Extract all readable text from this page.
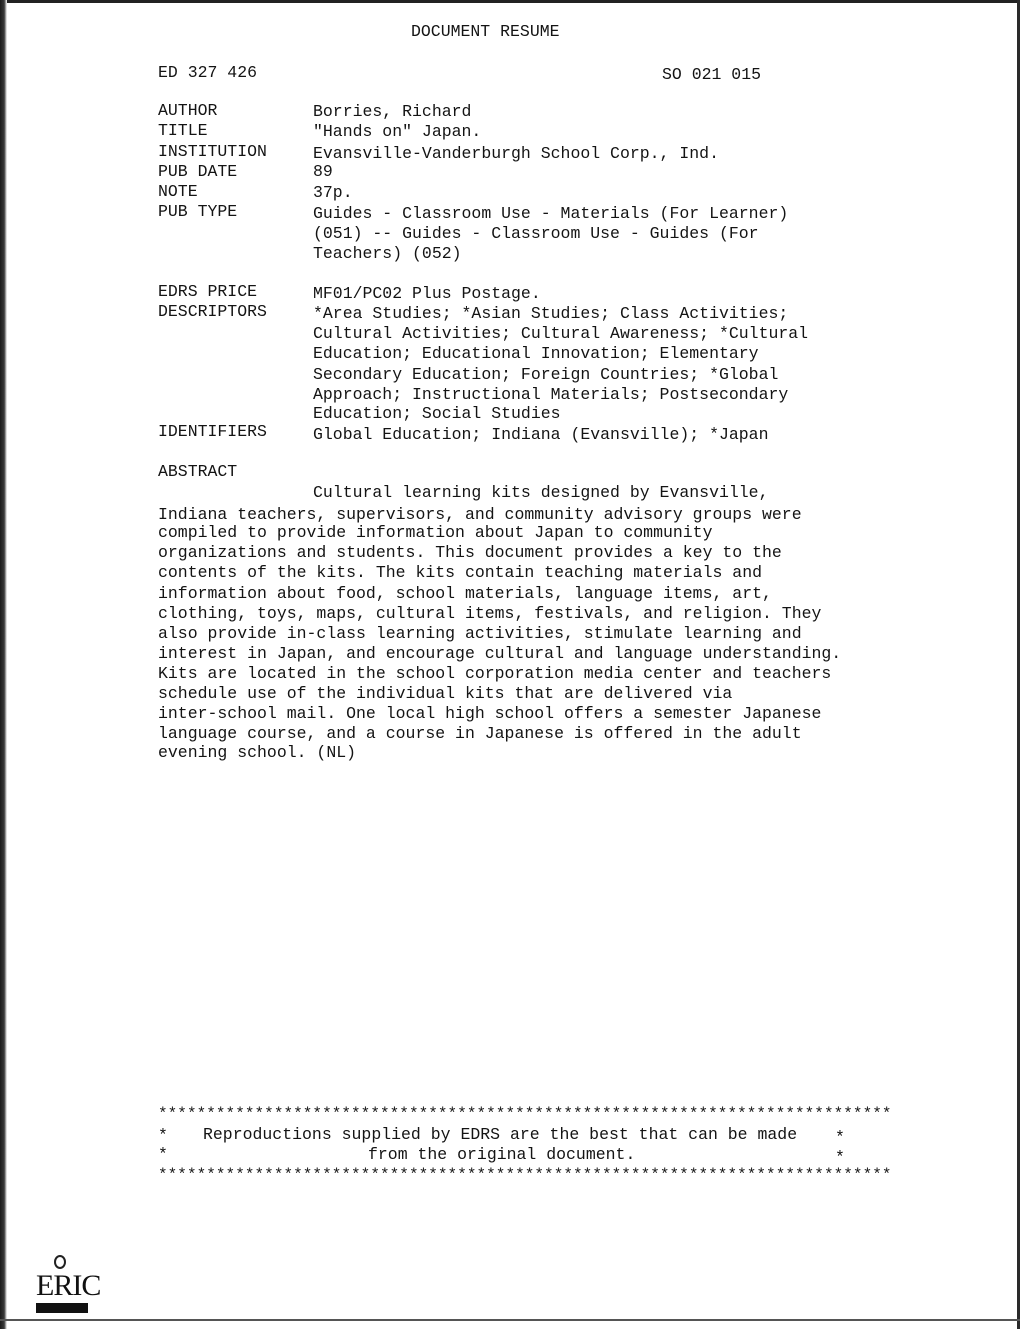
DOCUMENT RESUME
ED 327 426	SO 021 015
AUTHOR	Borries, Richard
TITLE	"Hands on" Japan.
INSTITUTION	Evansville-Vanderburgh School Corp., Ind.
PUB DATE	89
NOTE	37p.
PUB TYPE	Guides - Classroom Use - Materials (For Learner)
(051) -- Guides - Classroom Use - Guides (For
Teachers) (052)
EDRS PRICE	MF01/PC02 Plus Postage.
DESCRIPTORS	*Area Studies; *Asian Studies; Class Activities;
Cultural Activities; Cultural Awareness; *Cultural
Education; Educational Innovation; Elementary
Secondary Education; Foreign Countries; *Global
Approach; Instructional Materials; Postsecondary
Education; Social Studies
IDENTIFIERS	Global Education; Indiana (Evansville); *Japan
ABSTRACT
Cultural learning kits designed by Evansville,
Indiana teachers, supervisors, and community advisory groups were
compiled to provide information about Japan to community
organizations and students. This document provides a key to the
contents of the kits. The kits contain teaching materials and
information about food, school materials, language items, art,
clothing, toys, maps, cultural items, festivals, and religion. They
also provide in-class learning activities, stimulate learning and
interest in Japan, and encourage cultural and language understanding.
Kits are located in the school corporation media center and teachers
schedule use of the individual kits that are delivered via
inter-school mail. One local high school offers a semester Japanese
language course, and a course in Japanese is offered in the adult
evening school. (NL)
****************************************************************************
* Reproductions supplied by EDRS are the best that can be made *
*	from the original document.	*
****************************************************************************
ERIC
